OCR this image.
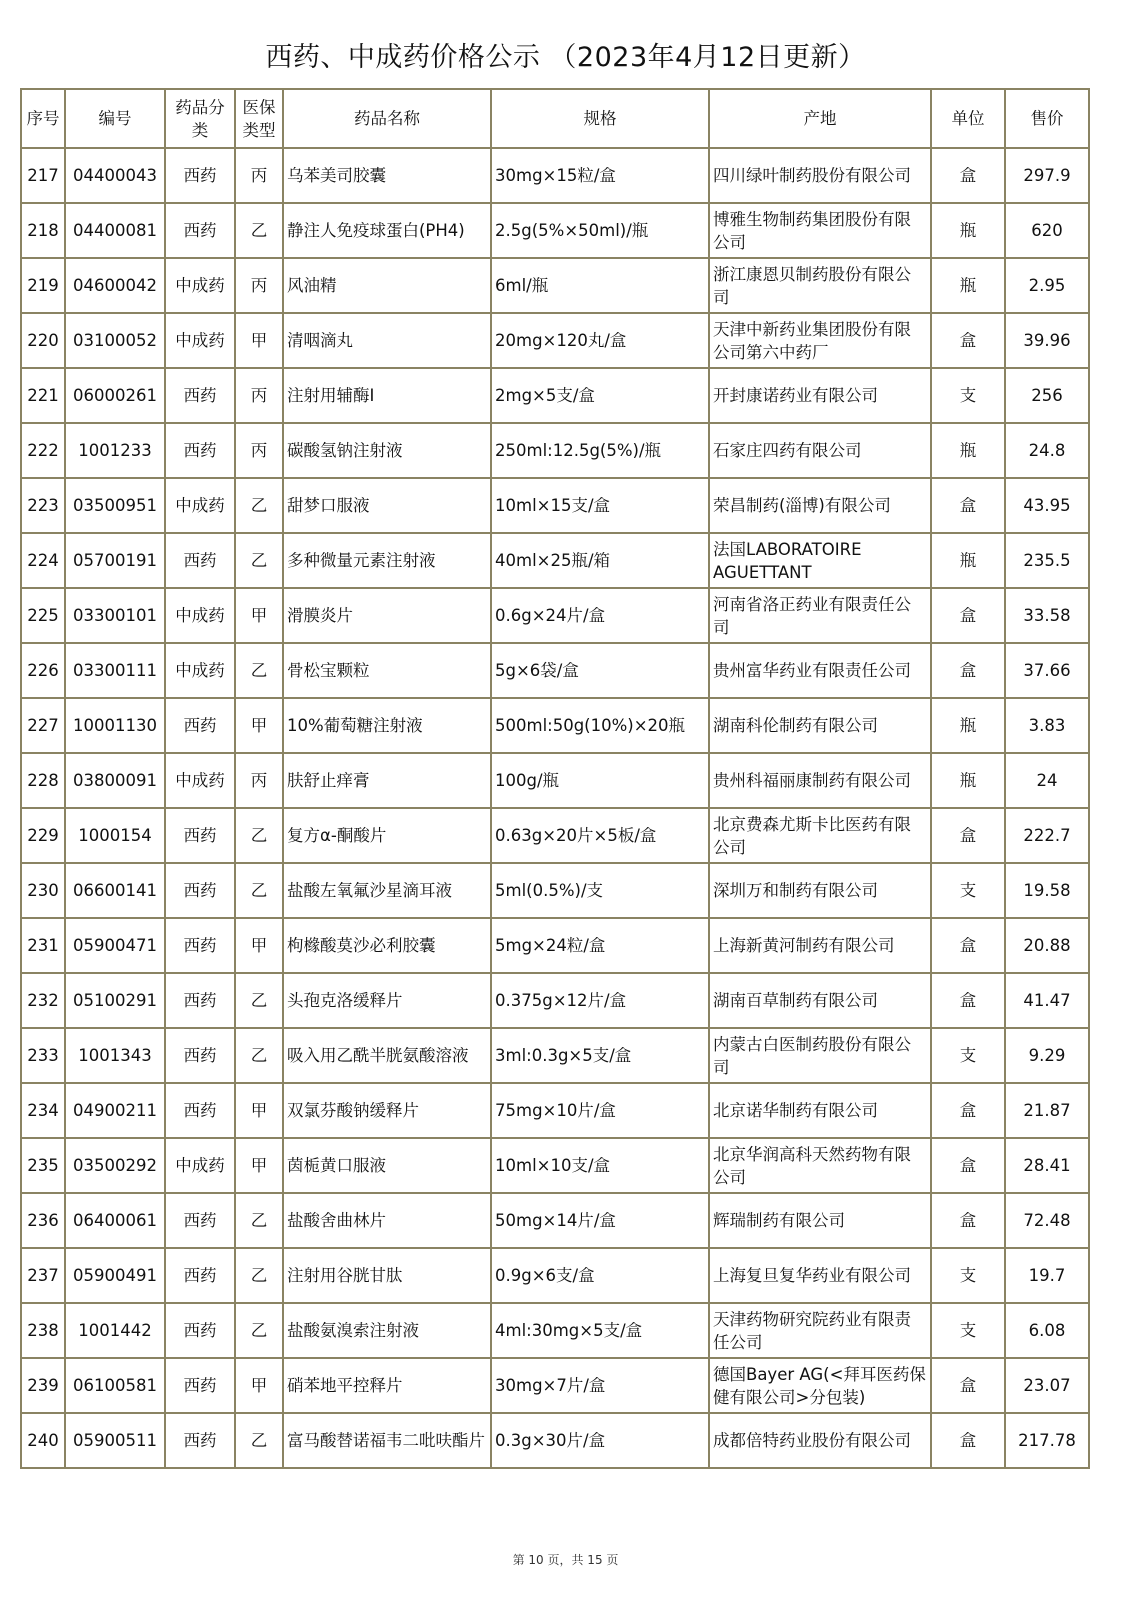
西药、中成药价格公示 （2023年4月12日更新）
序号	编号	药品分类	医保类型	药品名称	规格	产地	单位	售价
217	04400043	西药	丙	乌苯美司胶囊	30mg×15粒/盒	四川绿叶制药股份有限公司	盒	297.9
218	04400081	西药	乙	静注人免疫球蛋白(PH4)	2.5g(5%×50ml)/瓶	博雅生物制药集团股份有限公司	瓶	620
219	04600042	中成药	丙	风油精	6ml/瓶	浙江康恩贝制药股份有限公司	瓶	2.95
220	03100052	中成药	甲	清咽滴丸	20mg×120丸/盒	天津中新药业集团股份有限公司第六中药厂	盒	39.96
221	06000261	西药	丙	注射用辅酶Ⅰ	2mg×5支/盒	开封康诺药业有限公司	支	256
222	1001233	西药	丙	碳酸氢钠注射液	250ml:12.5g(5%)/瓶	石家庄四药有限公司	瓶	24.8
223	03500951	中成药	乙	甜梦口服液	10ml×15支/盒	荣昌制药(淄博)有限公司	盒	43.95
224	05700191	西药	乙	多种微量元素注射液	40ml×25瓶/箱	法国LABORATOIRE AGUETTANT	瓶	235.5
225	03300101	中成药	甲	滑膜炎片	0.6g×24片/盒	河南省洛正药业有限责任公司	盒	33.58
226	03300111	中成药	乙	骨松宝颗粒	5g×6袋/盒	贵州富华药业有限责任公司	盒	37.66
227	10001130	西药	甲	10%葡萄糖注射液	500ml:50g(10%)×20瓶	湖南科伦制药有限公司	瓶	3.83
228	03800091	中成药	丙	肤舒止痒膏	100g/瓶	贵州科福丽康制药有限公司	瓶	24
229	1000154	西药	乙	复方α-酮酸片	0.63g×20片×5板/盒	北京费森尤斯卡比医药有限公司	盒	222.7
230	06600141	西药	乙	盐酸左氧氟沙星滴耳液	5ml(0.5%)/支	深圳万和制药有限公司	支	19.58
231	05900471	西药	甲	枸橼酸莫沙必利胶囊	5mg×24粒/盒	上海新黄河制药有限公司	盒	20.88
232	05100291	西药	乙	头孢克洛缓释片	0.375g×12片/盒	湖南百草制药有限公司	盒	41.47
233	1001343	西药	乙	吸入用乙酰半胱氨酸溶液	3ml:0.3g×5支/盒	内蒙古白医制药股份有限公司	支	9.29
234	04900211	西药	甲	双氯芬酸钠缓释片	75mg×10片/盒	北京诺华制药有限公司	盒	21.87
235	03500292	中成药	甲	茵栀黄口服液	10ml×10支/盒	北京华润高科天然药物有限公司	盒	28.41
236	06400061	西药	乙	盐酸舍曲林片	50mg×14片/盒	辉瑞制药有限公司	盒	72.48
237	05900491	西药	乙	注射用谷胱甘肽	0.9g×6支/盒	上海复旦复华药业有限公司	支	19.7
238	1001442	西药	乙	盐酸氨溴索注射液	4ml:30mg×5支/盒	天津药物研究院药业有限责任公司	支	6.08
239	06100581	西药	甲	硝苯地平控释片	30mg×7片/盒	德国Bayer AG(<拜耳医药保健有限公司>分包装)	盒	23.07
240	05900511	西药	乙	富马酸替诺福韦二吡呋酯片	0.3g×30片/盒	成都倍特药业股份有限公司	盒	217.78
第 10 页，共 15 页
